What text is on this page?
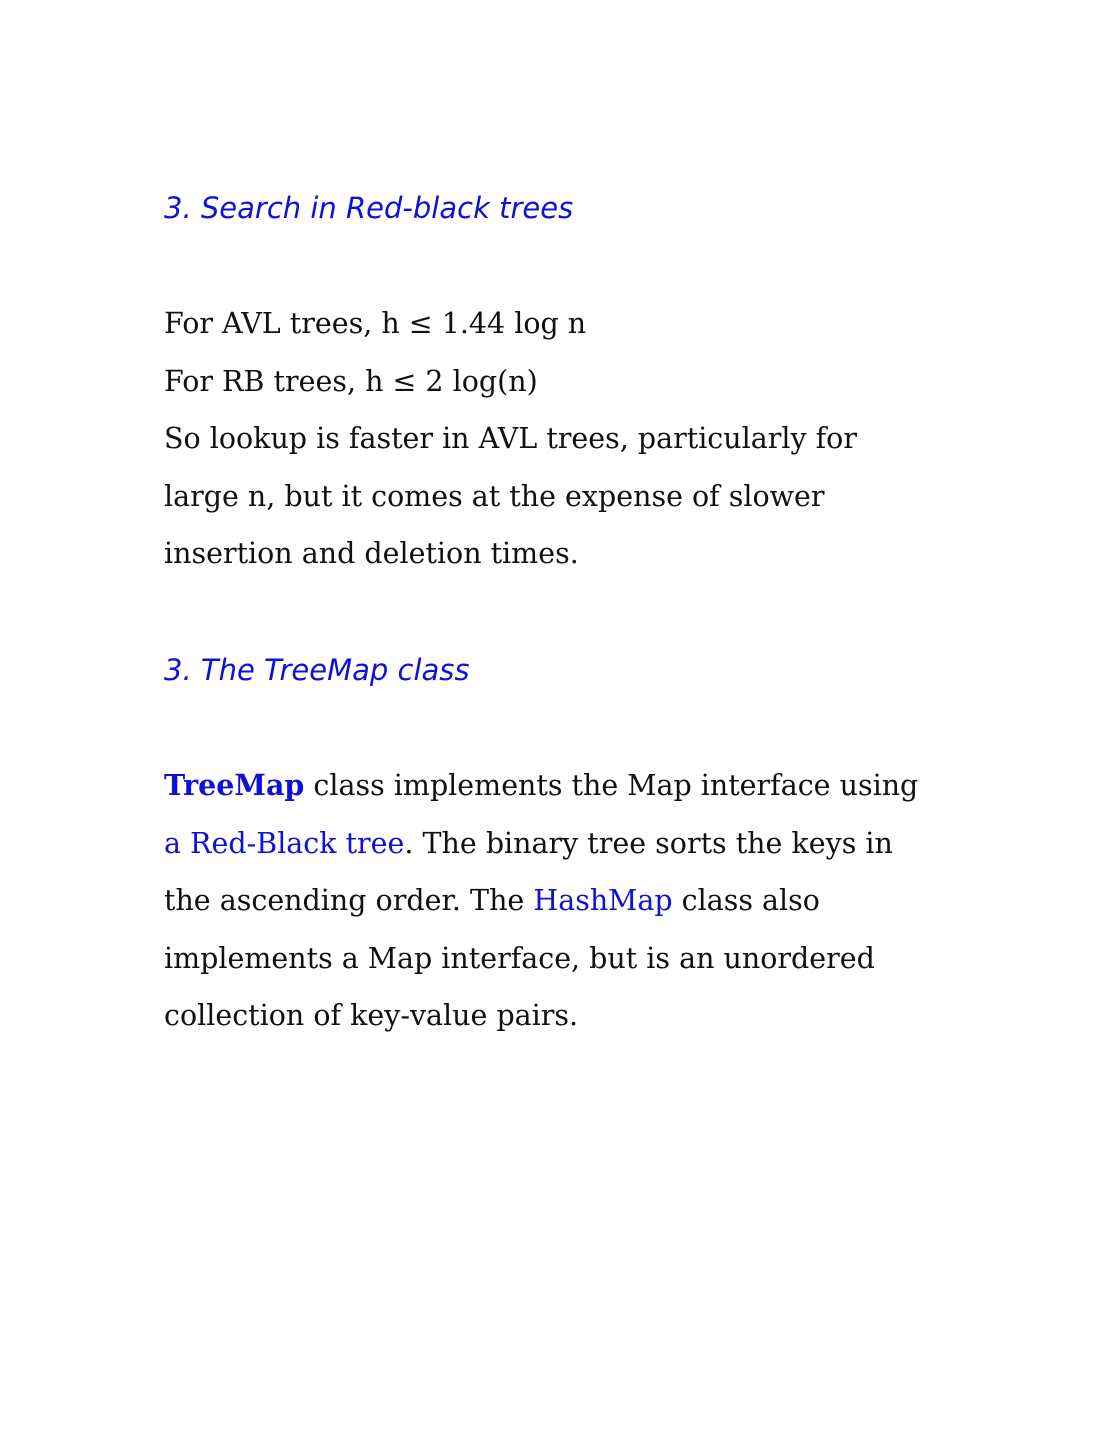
3. Search in Red-black trees
For AVL trees, h ≤ 1.44 log n
For RB trees, h ≤ 2 log(n)
So lookup is faster in AVL trees, particularly for
large n, but it comes at the expense of slower
insertion and deletion times.
3. The TreeMap class
TreeMap class implements the Map interface using
a Red-Black tree. The binary tree sorts the keys in
the ascending order. The HashMap class also
implements a Map interface, but is an unordered
collection of key-value pairs.
